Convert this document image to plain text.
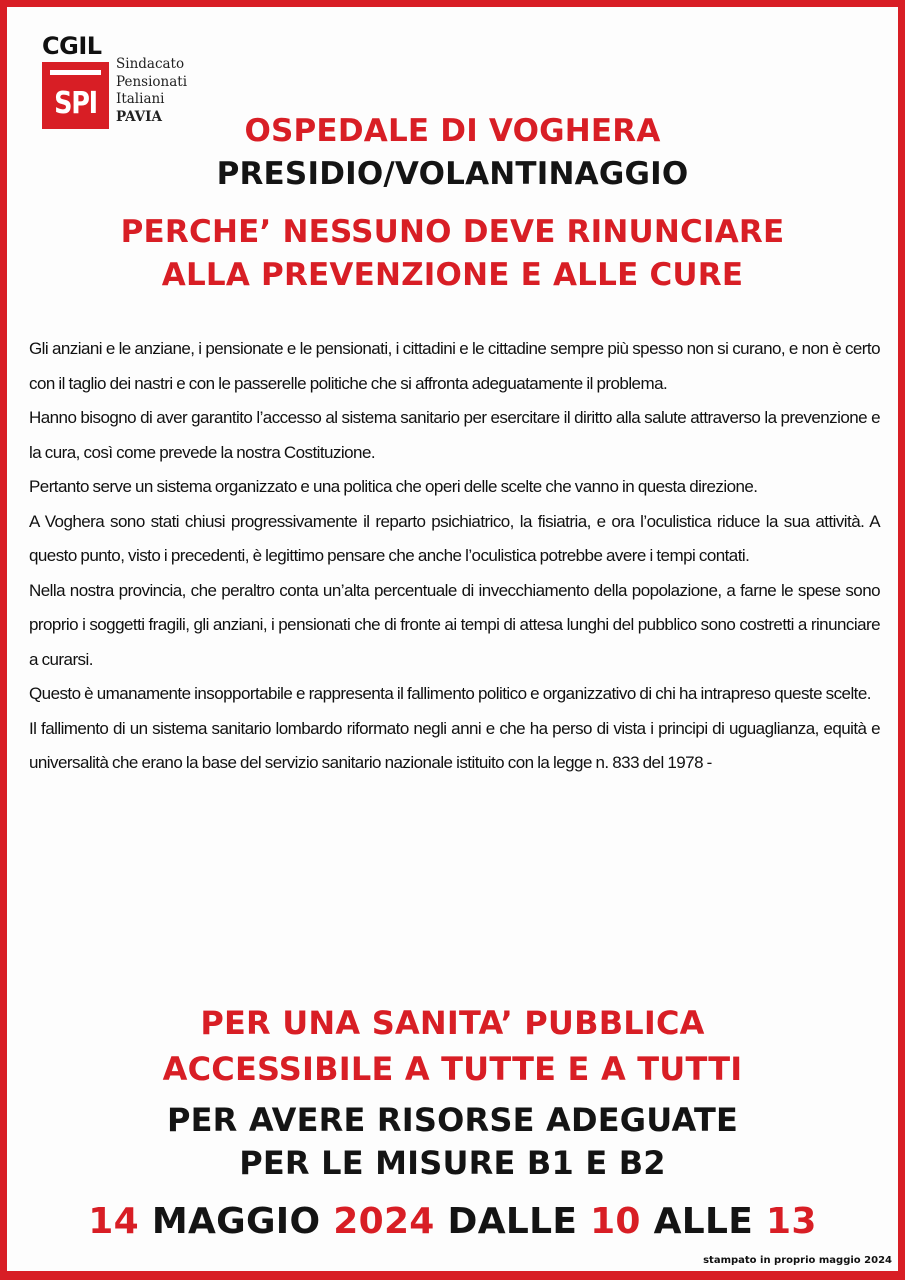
CGIL
SPI
Sindacato
Pensionati
Italiani
PAVIA	OSPEDALE DI VOGHERA
PRESIDIO/VOLANTINAGGIO
PERCHE’ NESSUNO DEVE RINUNCIARE
ALLA PREVENZIONE E ALLE CURE

Gli anziani e le anziane, i pensionate e le pensionati, i cittadini e le cittadine sempre più spesso non si curano, e non è certo con il taglio dei nastri e con le passerelle politiche che si affronta adeguatamente il problema.

Hanno bisogno di aver garantito l’accesso al sistema sanitario per esercitare il diritto alla salute attraverso la prevenzione e la cura, così come prevede la nostra Costituzione.

Pertanto serve un sistema organizzato e una politica che operi delle scelte che vanno in questa direzione.

A Voghera sono stati chiusi progressivamente il reparto psichiatrico, la fisiatria, e ora l’oculistica riduce la sua attività. A questo punto, visto i precedenti, è legittimo pensare che anche l’oculistica potrebbe avere i tempi contati.

Nella nostra provincia, che peraltro conta un’alta percentuale di invecchiamento della popolazione, a farne le spese sono proprio i soggetti fragili, gli anziani, i pensionati che di fronte ai tempi di attesa lunghi del pubblico sono costretti a rinunciare a curarsi.

Questo è umanamente insopportabile e rappresenta il fallimento politico e organizzativo di chi ha intrapreso queste scelte.

Il fallimento di un sistema sanitario lombardo riformato negli anni e che ha perso di vista i principi di uguaglianza, equità e universalità che erano la base del servizio sanitario nazionale istituito con la legge n. 833 del 1978 -

PER UNA SANITA’ PUBBLICA
ACCESSIBILE A TUTTE E A TUTTI
PER AVERE RISORSE ADEGUATE
PER LE MISURE B1 E B2
14 MAGGIO 2024 DALLE 10 ALLE 13
stampato in proprio maggio 2024
